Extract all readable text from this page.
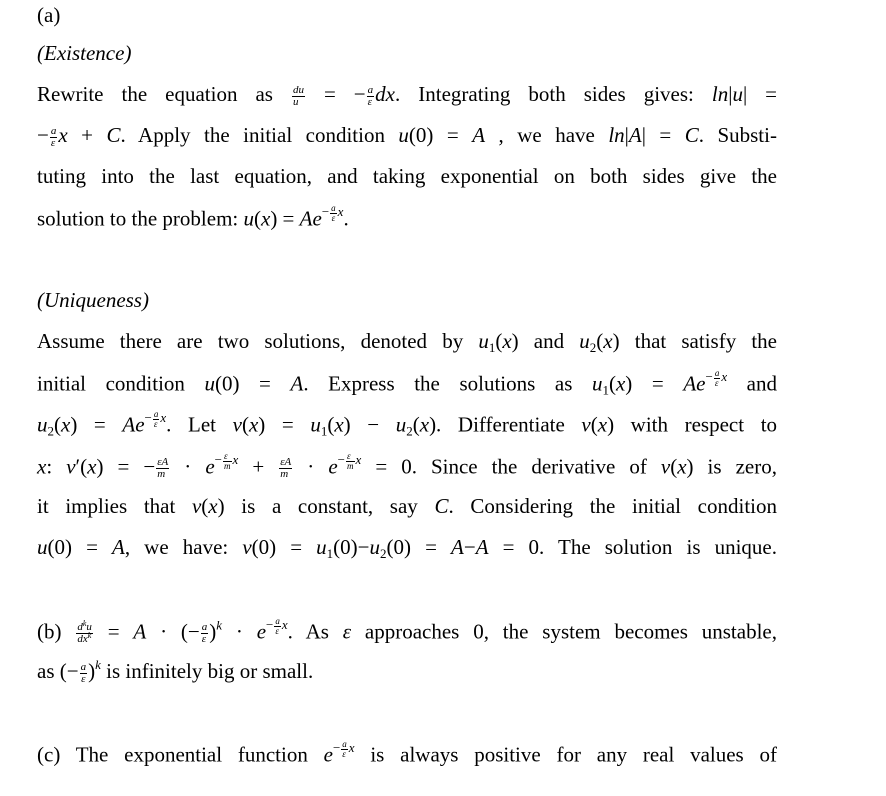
(a)
(Existence)
Rewrite the equation as $\frac{du}{u}$ = − $\frac{a}{\varepsilon}$ dx. Integrating both sides gives: ln|u| =
− $\frac{a}{\varepsilon}$ x + C. Apply the initial condition u(0) = A , we have ln|A| = C. Substi-
tuting into the last equation, and taking exponential on both sides give the
solution to the problem: $u(x) = Ae^{- \frac{a}{\varepsilon} x}$.
(Uniqueness)
Assume there are two solutions, denoted by $u_1(x)$ and $u_2(x)$ that satisfy the
initial condition u(0) = A. Express the solutions as $u_1(x) = Ae^{- \frac{a}{\varepsilon} x}$ and
$u_2(x) = Ae^{- \frac{a}{\varepsilon} x}$. Let $v(x) = u_1(x) - u_2(x)$. Differentiate v(x) with respect to
x: v′(x) = − $\frac{\varepsilon A}{m} \cdot e^{- \frac{\varepsilon}{m} x} + \frac{\varepsilon A}{m} \cdot e^{- \frac{\varepsilon}{m} x} = 0$. Since the derivative of v(x) is zero,
it implies that v(x) is a constant, say C. Considering the initial condition
u(0) = A, we have: $v(0) = u_1(0)-u_2(0) = A-A = 0$. The solution is unique.
$(b) \frac{d^ku}{dx^k} = A$ · (− $\frac{a}{\varepsilon} )^k \cdot e^{- \frac{a}{\varepsilon} x}$. As ε approaches 0, the system becomes unstable,
as (− $\frac{a}{\varepsilon} )^k$ is infinitely big or small.
(c) The exponential function $e^{- \frac{a}{\varepsilon} x}$ is always positive for any real values of
